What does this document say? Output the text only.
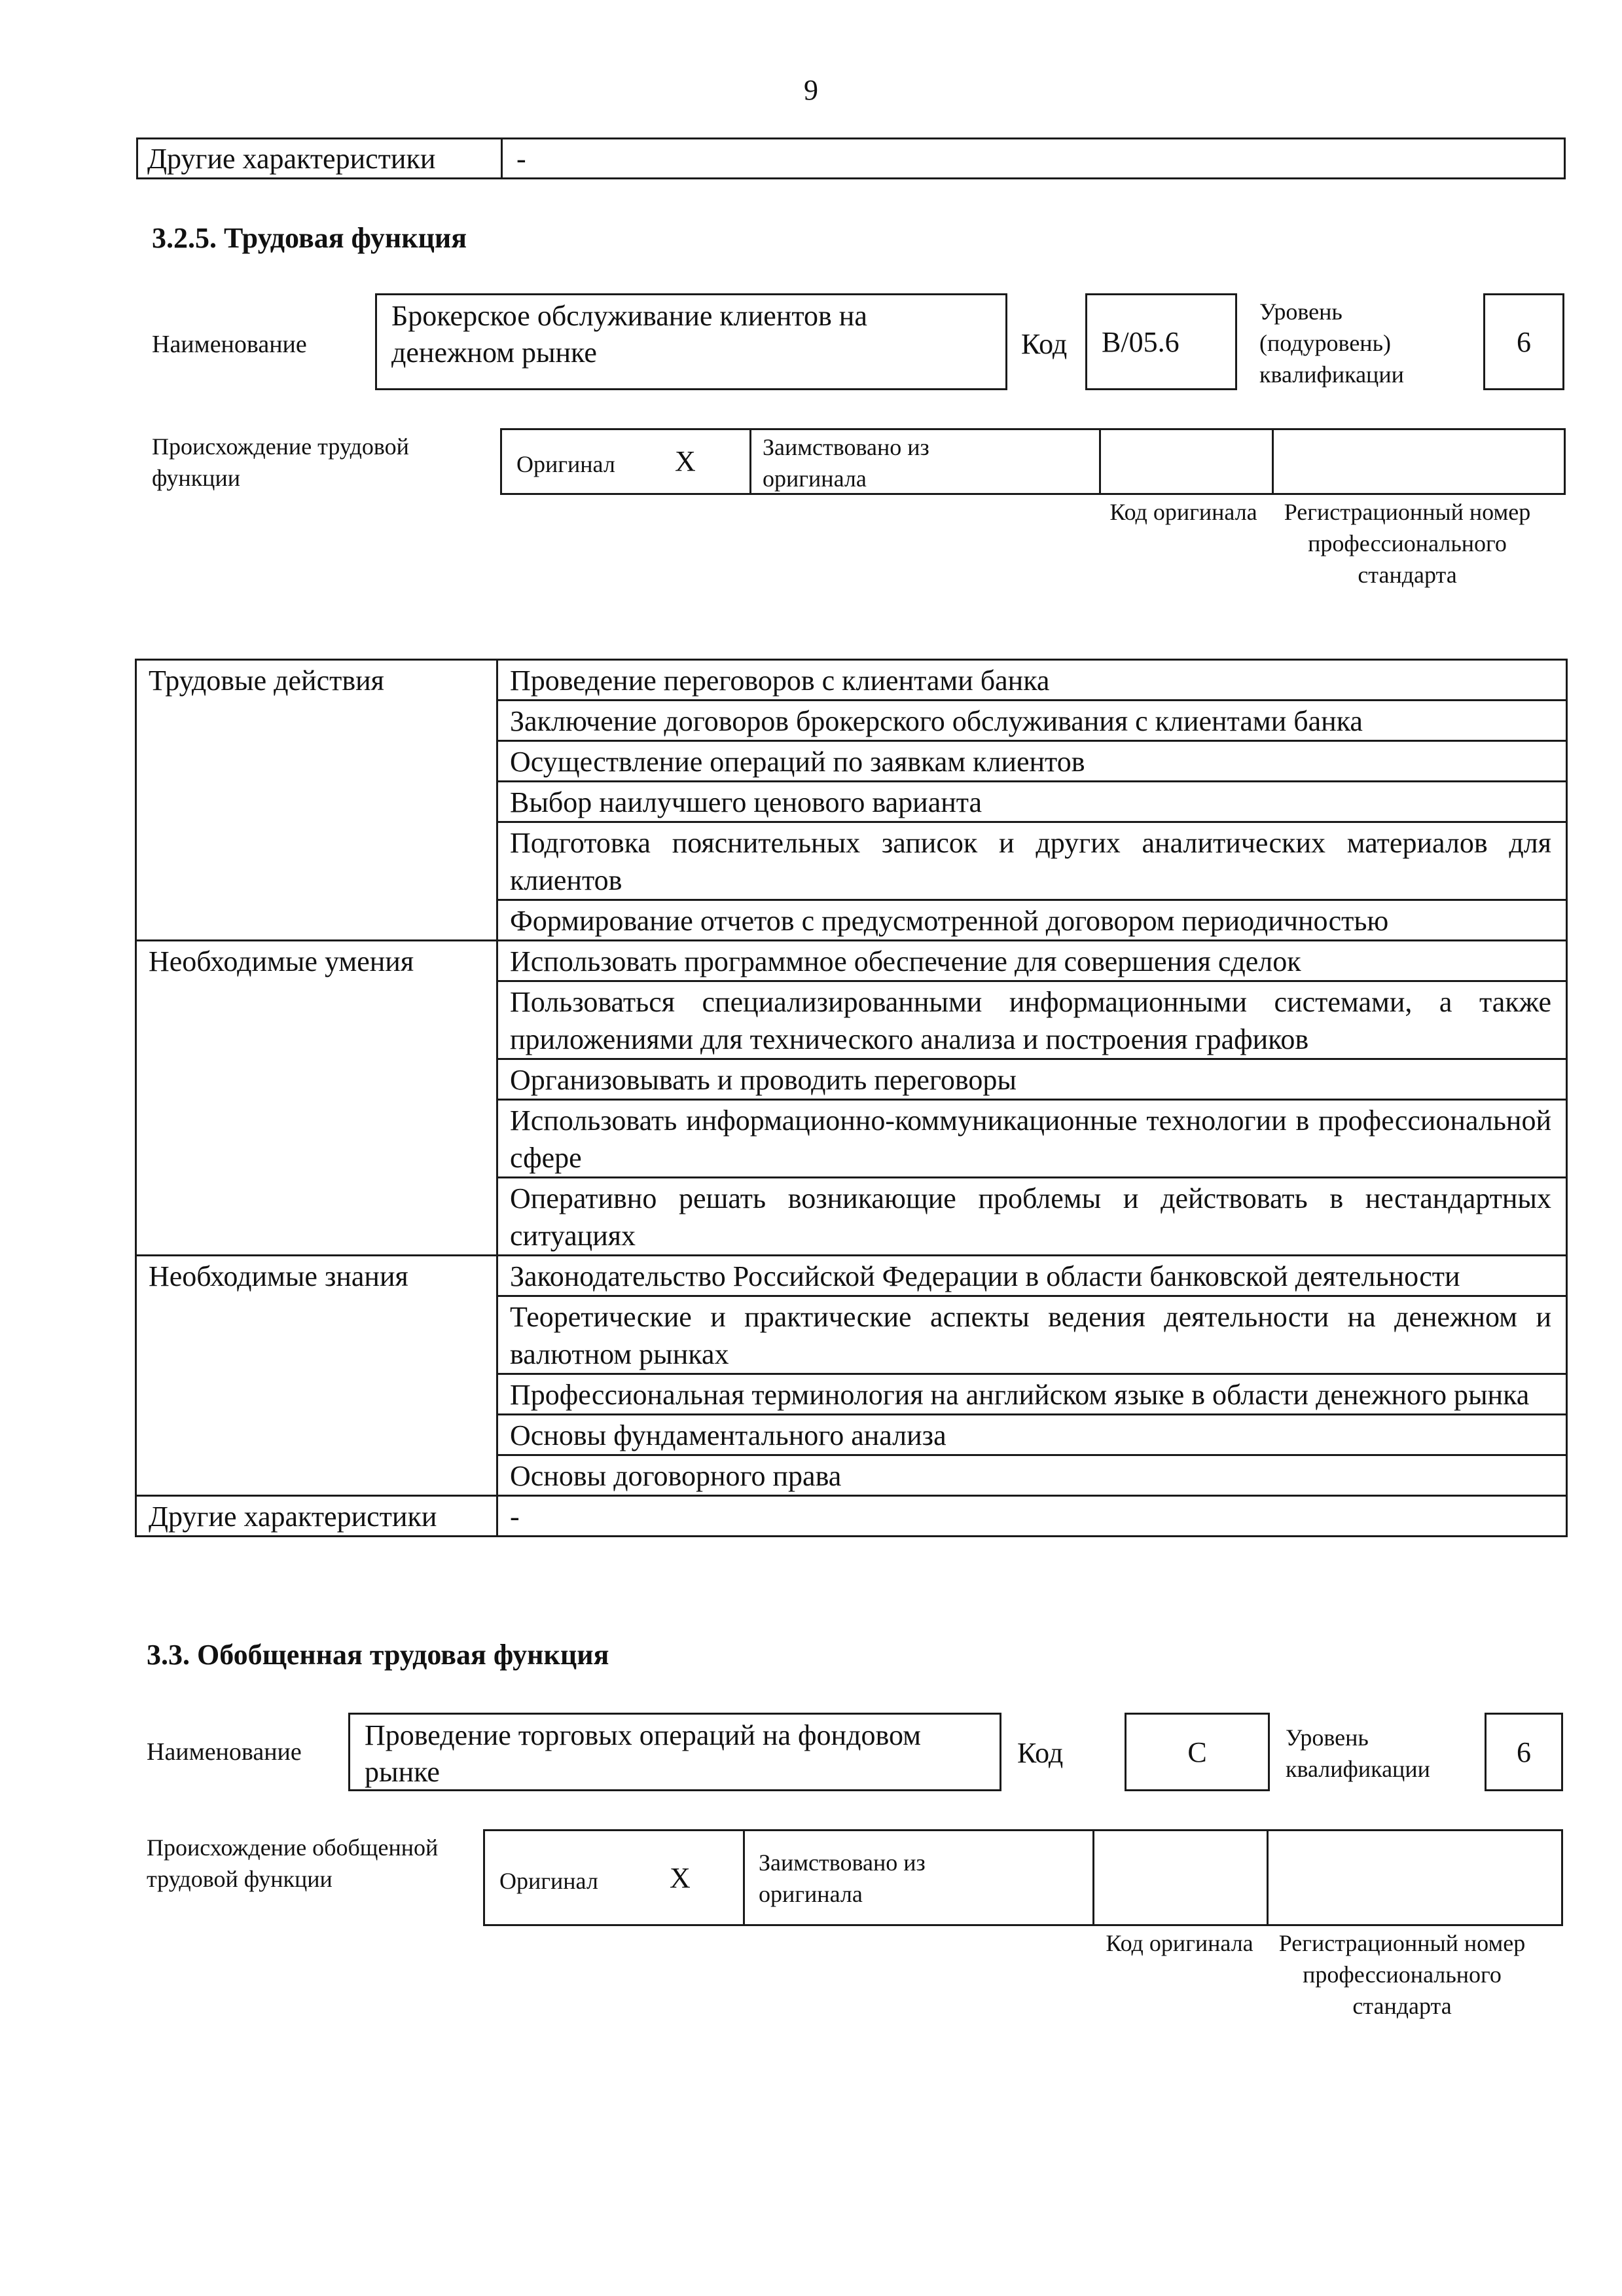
9
Другие характеристики	-
3.2.5. Трудовая функция
Наименование
Брокерское обслуживание клиентов на денежном рынке	Код B/05.6
Уровень (подуровень) квалификации
6
Происхождение трудовой функции
Оригинал X	Заимствовано из оригинала
Код оригинала	Регистрационный номер профессионального стандарта
Трудовые действия	Проведение переговоров с клиентами банка
	Заключение договоров брокерского обслуживания с клиентами банка
	Осуществление операций по заявкам клиентов
	Выбор наилучшего ценового варианта
	Подготовка пояснительных записок и других аналитических материалов для клиентов
	Формирование отчетов с предусмотренной договором периодичностью
Необходимые умения	Использовать программное обеспечение для совершения сделок
	Пользоваться специализированными информационными системами, а также приложениями для технического анализа и построения графиков
	Организовывать и проводить переговоры
	Использовать информационно-коммуникационные технологии в профессиональной сфере
	Оперативно решать возникающие проблемы и действовать в нестандартных ситуациях
Необходимые знания	Законодательство Российской Федерации в области банковской деятельности
	Теоретические и практические аспекты ведения деятельности на денежном и валютном рынках
	Профессиональная терминология на английском языке в области денежного рынка
	Основы фундаментального анализа
	Основы договорного права
Другие характеристики	-
3.3. Обобщенная трудовая функция
Наименование
Проведение торговых операций на фондовом рынке
Код	C	Уровень квалификации
6
Происхождение обобщенной трудовой функции	Оригинал X	Заимствовано из оригинала
Код оригинала	Регистрационный номер профессионального стандарта
